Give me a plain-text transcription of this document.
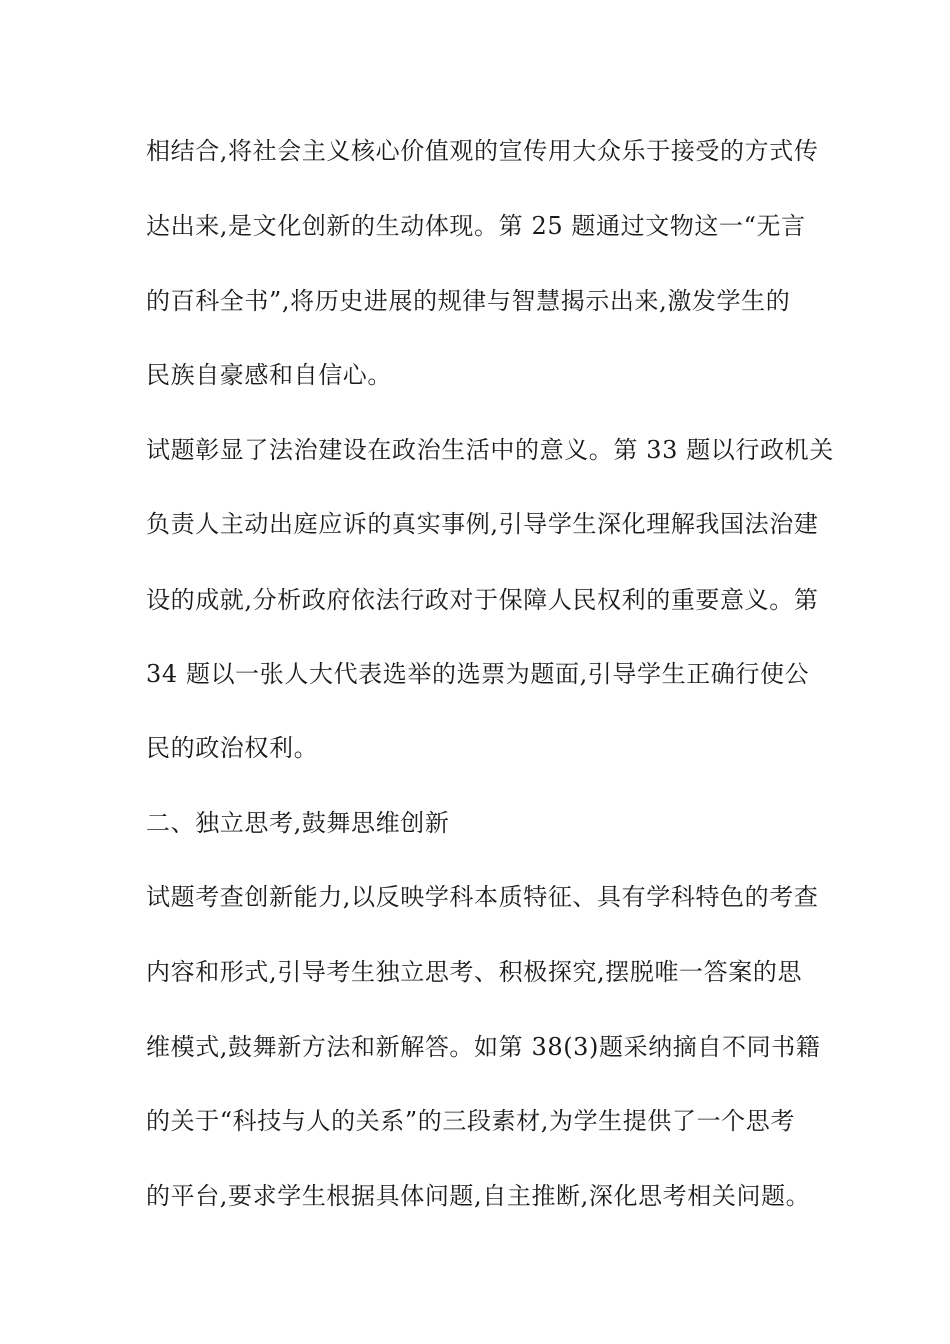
相结合,将社会主义核心价值观的宣传用大众乐于接受的方式传
达出来,是文化创新的生动体现。第 25 题通过文物这一“无言
的百科全书”,将历史进展的规律与智慧揭示出来,激发学生的
民族自豪感和自信心。
试题彰显了法治建设在政治生活中的意义。第 33 题以行政机关
负责人主动出庭应诉的真实事例,引导学生深化理解我国法治建
设的成就,分析政府依法行政对于保障人民权利的重要意义。第
34 题以一张人大代表选举的选票为题面,引导学生正确行使公
民的政治权利。
二、独立思考,鼓舞思维创新
试题考查创新能力,以反映学科本质特征、具有学科特色的考查
内容和形式,引导考生独立思考、积极探究,摆脱唯一答案的思
维模式,鼓舞新方法和新解答。如第 38(3)题采纳摘自不同书籍
的关于“科技与人的关系”的三段素材,为学生提供了一个思考
的平台,要求学生根据具体问题,自主推断,深化思考相关问题。
